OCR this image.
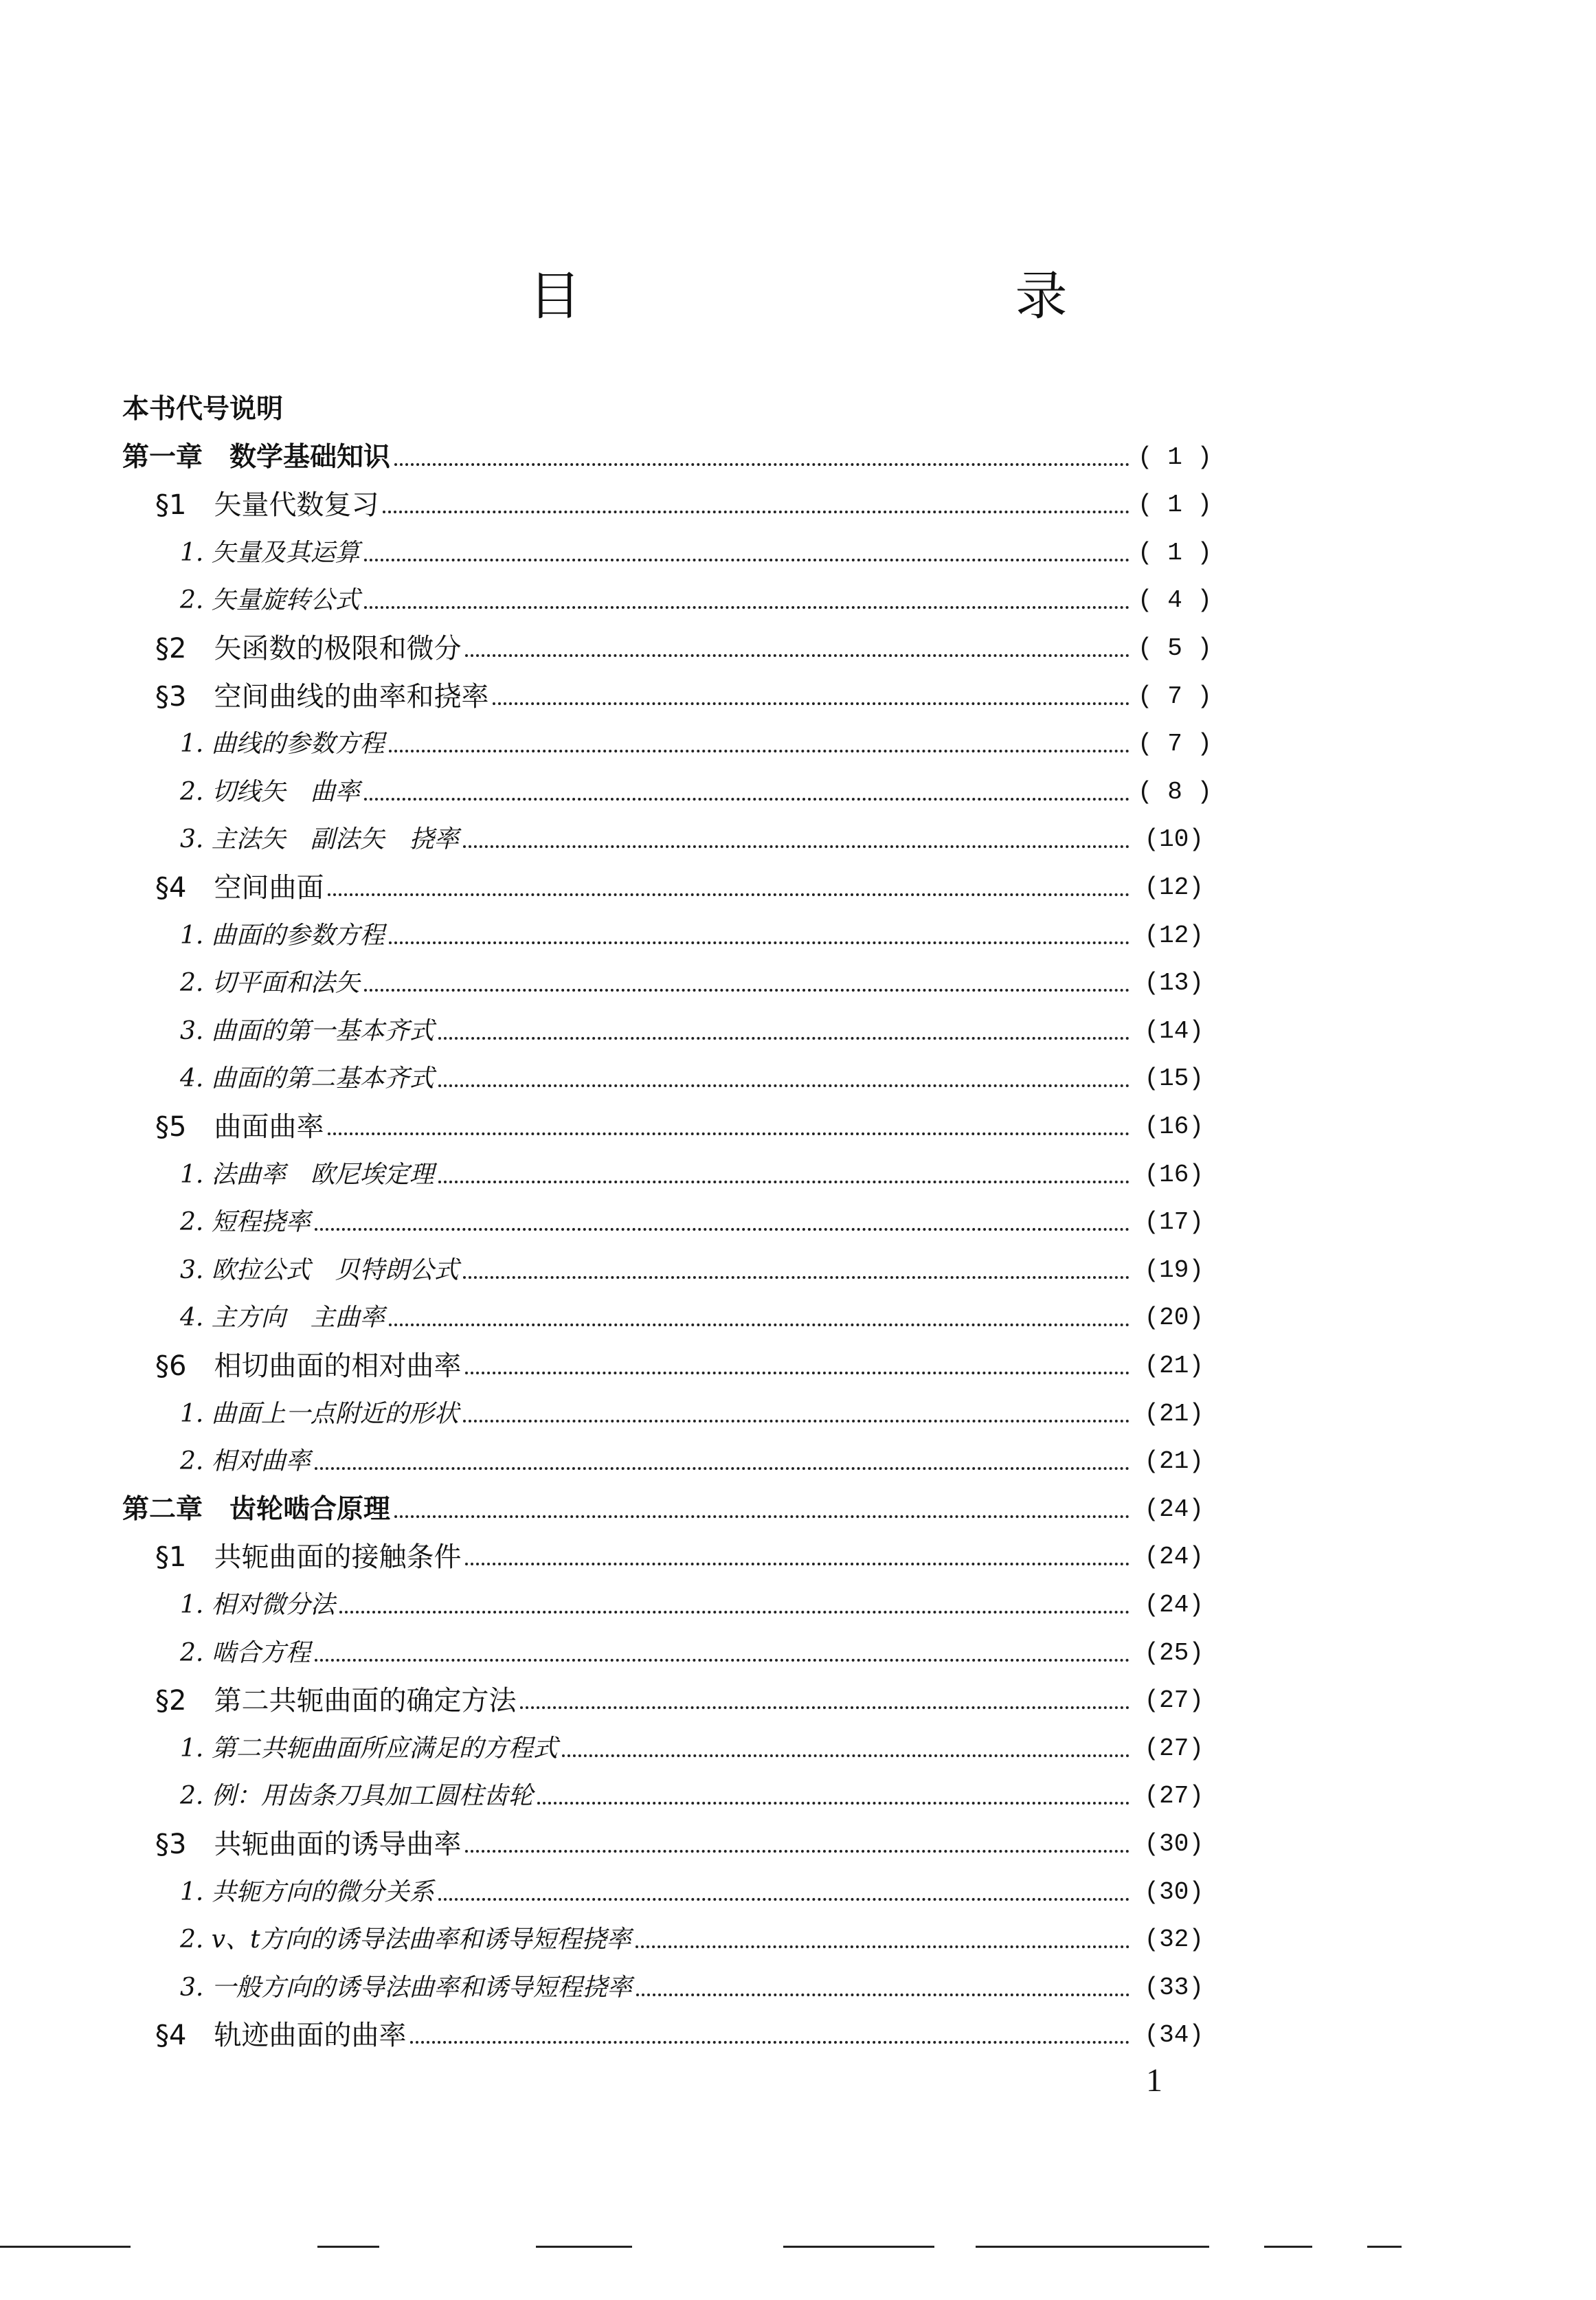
目　　录
本书代号说明
第一章　数学基础知识	( 1 )
§1　矢量代数复习	( 1 )
1. 矢量及其运算	( 1 )
2. 矢量旋转公式	( 4 )
§2　矢函数的极限和微分	( 5 )
§3　空间曲线的曲率和挠率	( 7 )
1. 曲线的参数方程	( 7 )
2. 切线矢　曲率	( 8 )
3. 主法矢　副法矢　挠率	(10)
§4　空间曲面	(12)
1. 曲面的参数方程	(12)
2. 切平面和法矢	(13)
3. 曲面的第一基本齐式	(14)
4. 曲面的第二基本齐式	(15)
§5　曲面曲率	(16)
1. 法曲率　欧尼埃定理	(16)
2. 短程挠率	(17)
3. 欧拉公式　贝特朗公式	(19)
4. 主方向　主曲率	(20)
§6　相切曲面的相对曲率	(21)
1. 曲面上一点附近的形状	(21)
2. 相对曲率	(21)
第二章　齿轮啮合原理	(24)
§1　共轭曲面的接触条件	(24)
1. 相对微分法	(24)
2. 啮合方程	(25)
§2　第二共轭曲面的确定方法	(27)
1. 第二共轭曲面所应满足的方程式	(27)
2. 例：用齿条刀具加工圆柱齿轮	(27)
§3　共轭曲面的诱导曲率	(30)
1. 共轭方向的微分关系	(30)
2. v、t方向的诱导法曲率和诱导短程挠率	(32)
3. 一般方向的诱导法曲率和诱导短程挠率	(33)
§4　轨迹曲面的曲率	(34)
1
